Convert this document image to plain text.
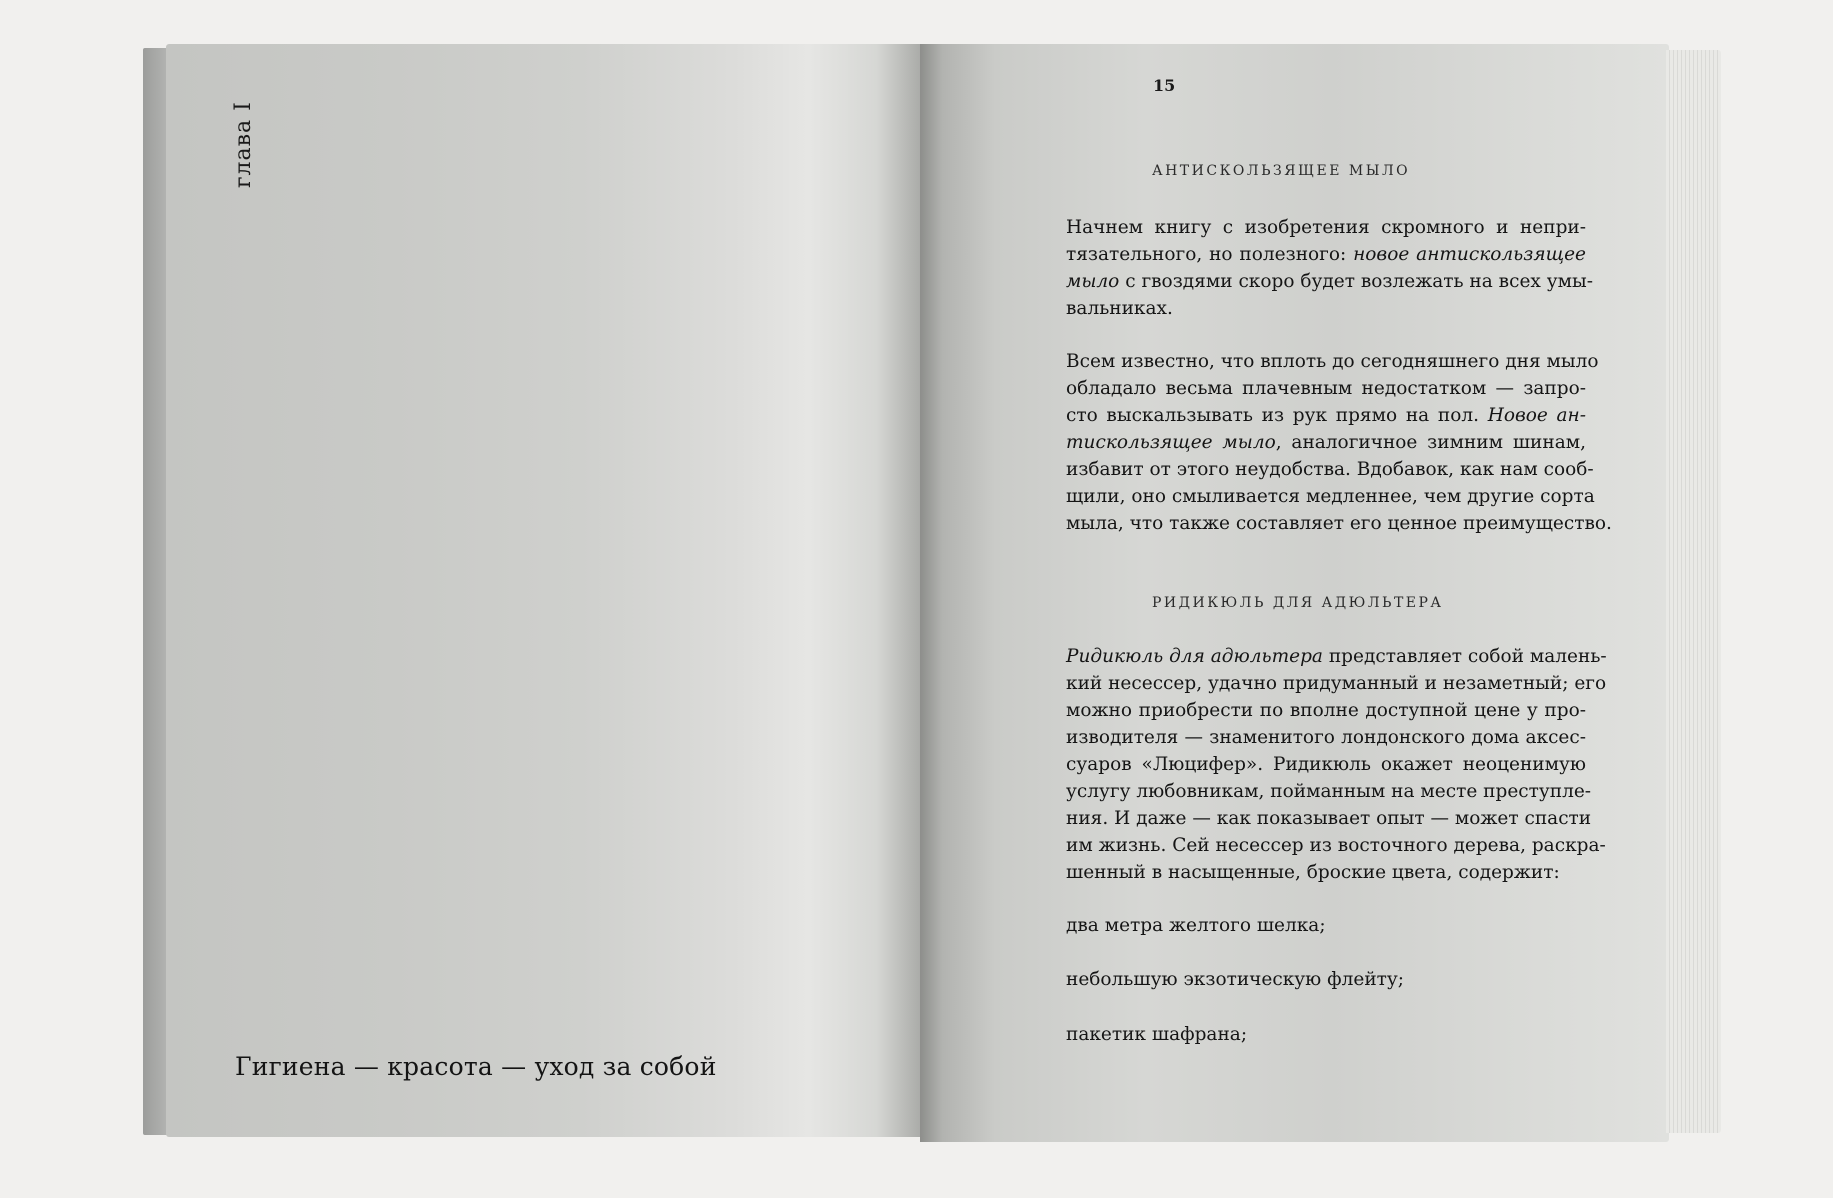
глава I
Гигиена — красота — уход за собой
15
АНТИСКОЛЬЗЯЩЕЕ МЫЛО
Начнем книгу с изобретения скромного и непри-
тязательного, но полезного: новое антискользящее
мыло с гвоздями скоро будет возлежать на всех умы-
вальниках.
Всем известно, что вплоть до сегодняшнего дня мыло
обладало весьма плачевным недостатком — запро-
сто выскальзывать из рук прямо на пол. Новое ан-
тискользящее мыло, аналогичное зимним шинам,
избавит от этого неудобства. Вдобавок, как нам сооб-
щили, оно смыливается медленнее, чем другие сорта
мыла, что также составляет его ценное преимущество.
РИДИКЮЛЬ ДЛЯ АДЮЛЬТЕРА
Ридикюль для адюльтера представляет собой малень-
кий несессер, удачно придуманный и незаметный; его
можно приобрести по вполне доступной цене у про-
изводителя — знаменитого лондонского дома аксес-
суаров «Люцифер». Ридикюль окажет неоценимую
услугу любовникам, пойманным на месте преступле-
ния. И даже — как показывает опыт — может спасти
им жизнь. Сей несессер из восточного дерева, раскра-
шенный в насыщенные, броские цвета, содержит:
два метра желтого шелка;
небольшую экзотическую флейту;
пакетик шафрана;
